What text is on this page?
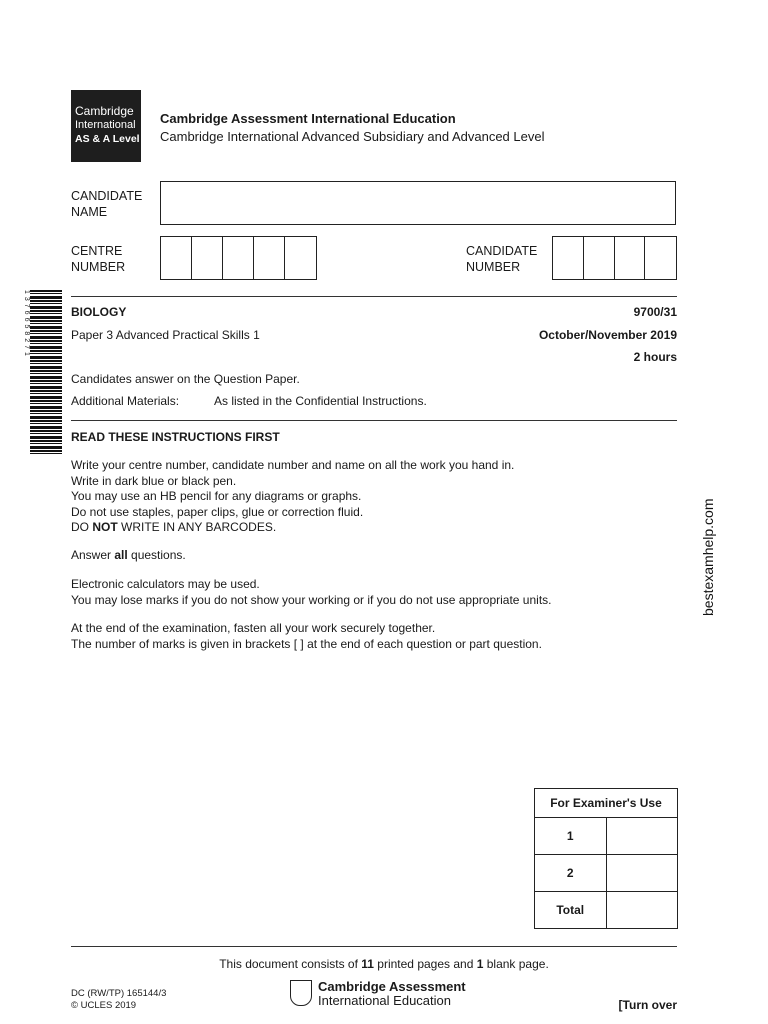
Cambridge
International
AS & A Level
Cambridge Assessment International Education
Cambridge International Advanced Subsidiary and Advanced Level
CANDIDATE
NAME
CENTRE
NUMBER
CANDIDATE
NUMBER
1376658271	BIOLOGY	9700/31
Paper 3 Advanced Practical Skills 1	October/November 2019
2 hours
Candidates answer on the Question Paper.
Additional Materials:	As listed in the Confidential Instructions.
READ THESE INSTRUCTIONS FIRST
Write your centre number, candidate number and name on all the work you hand in.
Write in dark blue or black pen.
You may use an HB pencil for any diagrams or graphs.
Do not use staples, paper clips, glue or correction fluid.
DO NOT WRITE IN ANY BARCODES.
Answer all questions.
Electronic calculators may be used.
You may lose marks if you do not show your working or if you do not use appropriate units.
At the end of the examination, fasten all your work securely together.
The number of marks is given in brackets [ ] at the end of each question or part question.
bestexamhelp.com
For Examiner's Use	
1	
2	
Total	
This document consists of 11 printed pages and 1 blank page.
DC (RW/TP) 165144/3
© UCLES 2019
Cambridge Assessment
International Education	[Turn over
